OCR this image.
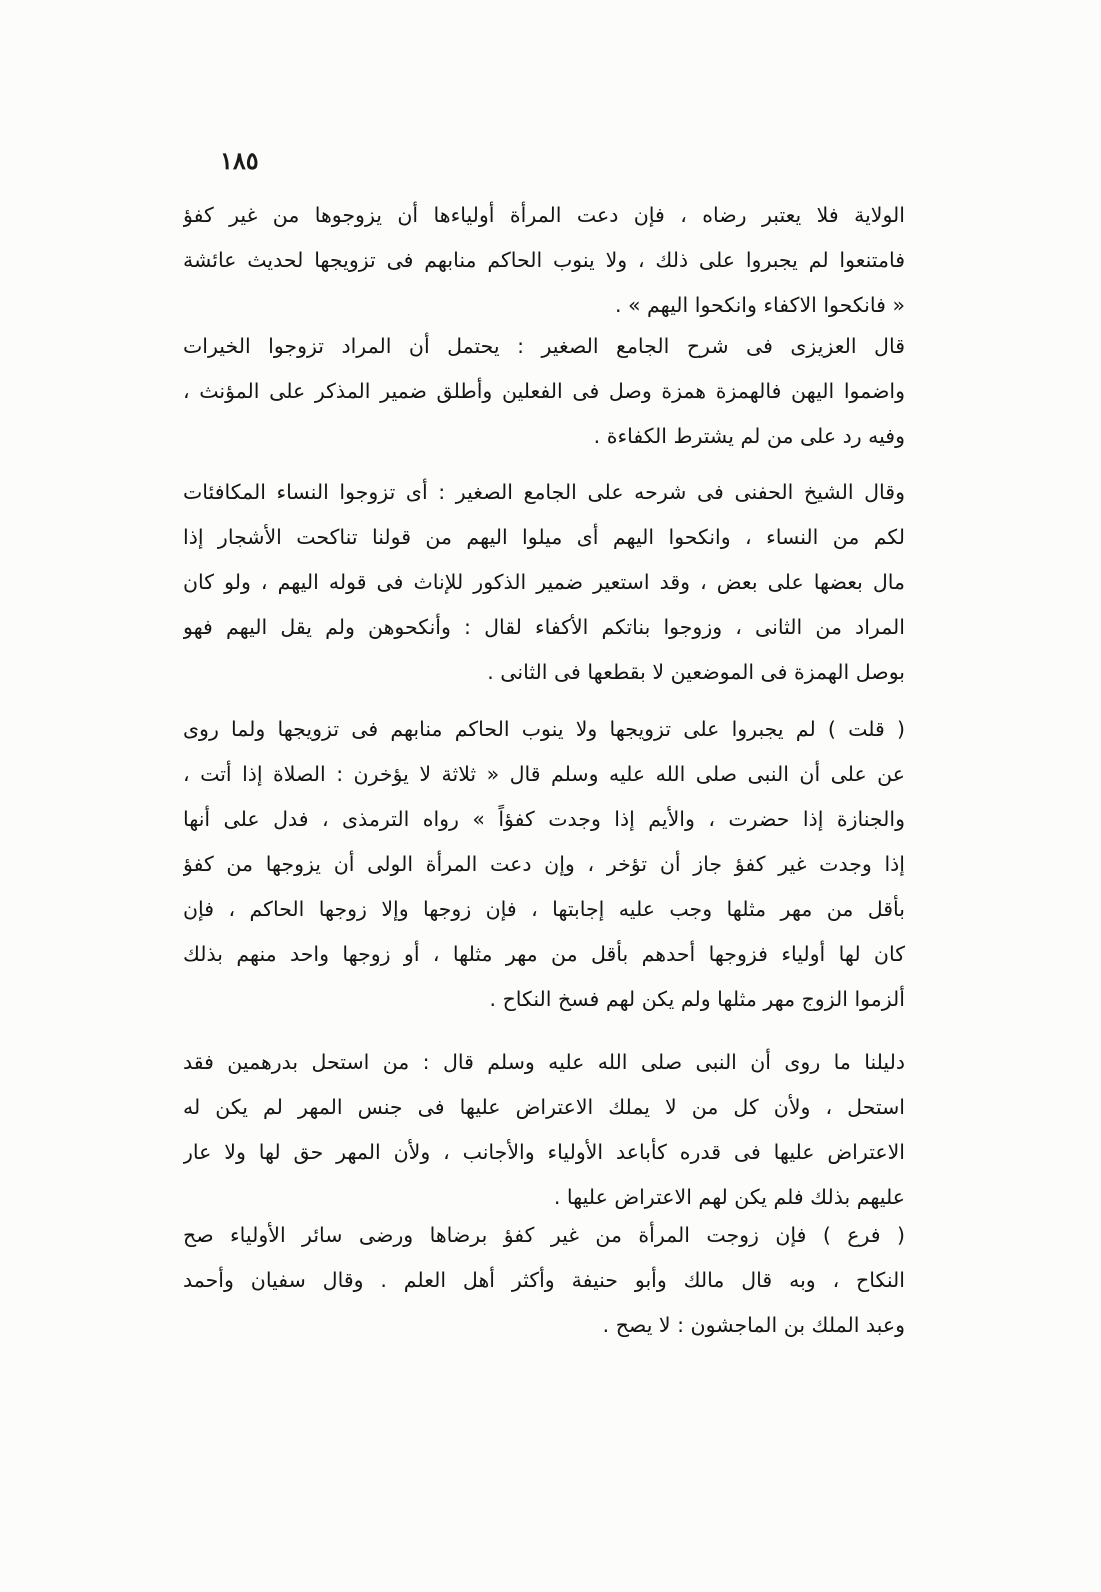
١٨٥
الولاية فلا يعتبر رضاه ، فإن دعت المرأة أولياءها أن يزوجوها من غير كفؤ
فامتنعوا لم يجبروا على ذلك ، ولا ينوب الحاكم منابهم فى تزويجها لحديث عائشة
« فانكحوا الاكفاء وانكحوا اليهم » .
قال العزيزى فى شرح الجامع الصغير : يحتمل أن المراد تزوجوا الخيرات
واضموا اليهن فالهمزة همزة وصل فى الفعلين وأطلق ضمير المذكر على المؤنث ،
وفيه رد على من لم يشترط الكفاءة .
وقال الشيخ الحفنى فى شرحه على الجامع الصغير : أى تزوجوا النساء المكافئات
لكم من النساء ، وانكحوا اليهم أى ميلوا اليهم من قولنا تناكحت الأشجار إذا
مال بعضها على بعض ، وقد استعير ضمير الذكور للإناث فى قوله اليهم ، ولو كان
المراد من الثانى ، وزوجوا بناتكم الأكفاء لقال : وأنكحوهن ولم يقل اليهم فهو
بوصل الهمزة فى الموضعين لا بقطعها فى الثانى .
( قلت ) لم يجبروا على تزويجها ولا ينوب الحاكم منابهم فى تزويجها ولما روى
عن على أن النبى صلى الله عليه وسلم قال « ثلاثة لا يؤخرن : الصلاة إذا أتت ،
والجنازة إذا حضرت ، والأيم إذا وجدت كفؤاً » رواه الترمذى ، فدل على أنها
إذا وجدت غير كفؤ جاز أن تؤخر ، وإن دعت المرأة الولى أن يزوجها من كفؤ
بأقل من مهر مثلها وجب عليه إجابتها ، فإن زوجها وإلا زوجها الحاكم ، فإن
كان لها أولياء فزوجها أحدهم بأقل من مهر مثلها ، أو زوجها واحد منهم بذلك
ألزموا الزوج مهر مثلها ولم يكن لهم فسخ النكاح .
دليلنا ما روى أن النبى صلى الله عليه وسلم قال : من استحل بدرهمين فقد
استحل ، ولأن كل من لا يملك الاعتراض عليها فى جنس المهر لم يكن له
الاعتراض عليها فى قدره كأباعد الأولياء والأجانب ، ولأن المهر حق لها ولا عار
عليهم بذلك فلم يكن لهم الاعتراض عليها .
( فرع ) فإن زوجت المرأة من غير كفؤ برضاها ورضى سائر الأولياء صح
النكاح ، وبه قال مالك وأبو حنيفة وأكثر أهل العلم . وقال سفيان وأحمد
وعبد الملك بن الماجشون : لا يصح .
